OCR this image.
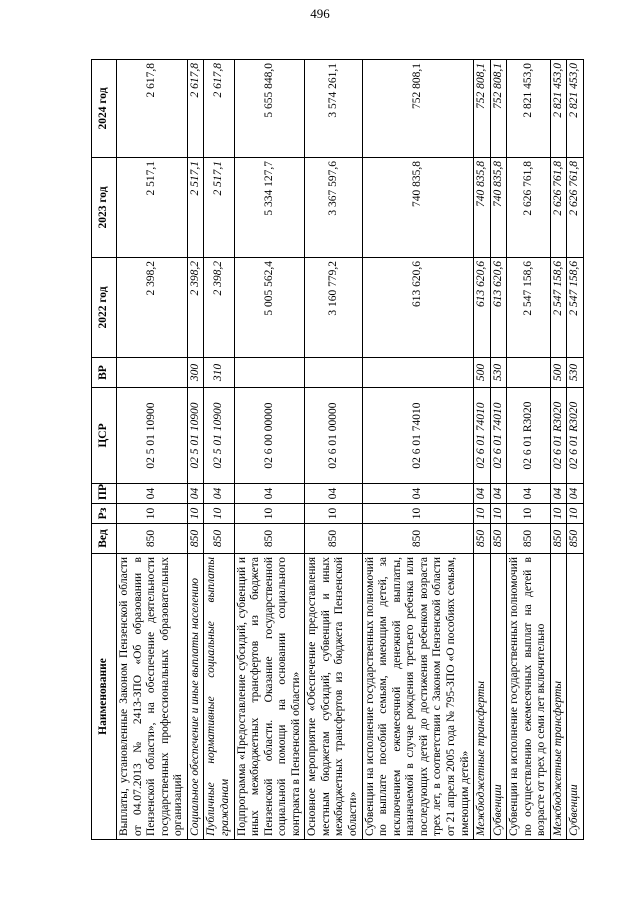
496
Наименование	Вед	Рз	ПР	ЦСР	ВР	2022 год	2023 год	2024 год
Выплаты, установленные Законом Пензенской области от 04.07.2013 № 2413-ЗПО «Об образовании в Пензенской области», на обеспечение деятельности государственных профессиональных образовательных организаций	850	10	04	02 5 01 10900		2 398,2	2 517,1	2 617,8
Социальное обеспечение и иные выплаты населению	850	10	04	02 5 01 10900	300	2 398,2	2 517,1	2 617,8
Публичные нормативные социальные выплаты гражданам	850	10	04	02 5 01 10900	310	2 398,2	2 517,1	2 617,8
Подпрограмма «Предоставление субсидий, субвенций и иных межбюджетных трансфертов из бюджета Пензенской области. Оказание государственной социальной помощи на основании социального контракта в Пензенской области»	850	10	04	02 6 00 00000		5 005 562,4	5 334 127,7	5 655 848,0
Основное мероприятие «Обеспечение предоставления местным бюджетам субсидий, субвенций и иных межбюджетных трансфертов из бюджета Пензенской области»	850	10	04	02 6 01 00000		3 160 779,2	3 367 597,6	3 574 261,1
Субвенции на исполнение государственных полномочий по выплате пособий семьям, имеющим детей, за исключением ежемесячной денежной выплаты, назначаемой в случае рождения третьего ребенка или последующих детей до достижения ребенком возраста трех лет, в соответствии с Законом Пензенской области от 21 апреля 2005 года № 795-ЗПО «О пособиях семьям, имеющим детей»	850	10	04	02 6 01 74010		613 620,6	740 835,8	752 808,1
Межбюджетные трансферты	850	10	04	02 6 01 74010	500	613 620,6	740 835,8	752 808,1
Субвенции	850	10	04	02 6 01 74010	530	613 620,6	740 835,8	752 808,1
Субвенции на исполнение государственных полномочий по осуществлению ежемесячных выплат на детей в возрасте от трех до семи лет включительно	850	10	04	02 6 01 R3020		2 547 158,6	2 626 761,8	2 821 453,0
Межбюджетные трансферты	850	10	04	02 6 01 R3020	500	2 547 158,6	2 626 761,8	2 821 453,0
Субвенции	850	10	04	02 6 01 R3020	530	2 547 158,6	2 626 761,8	2 821 453,0
